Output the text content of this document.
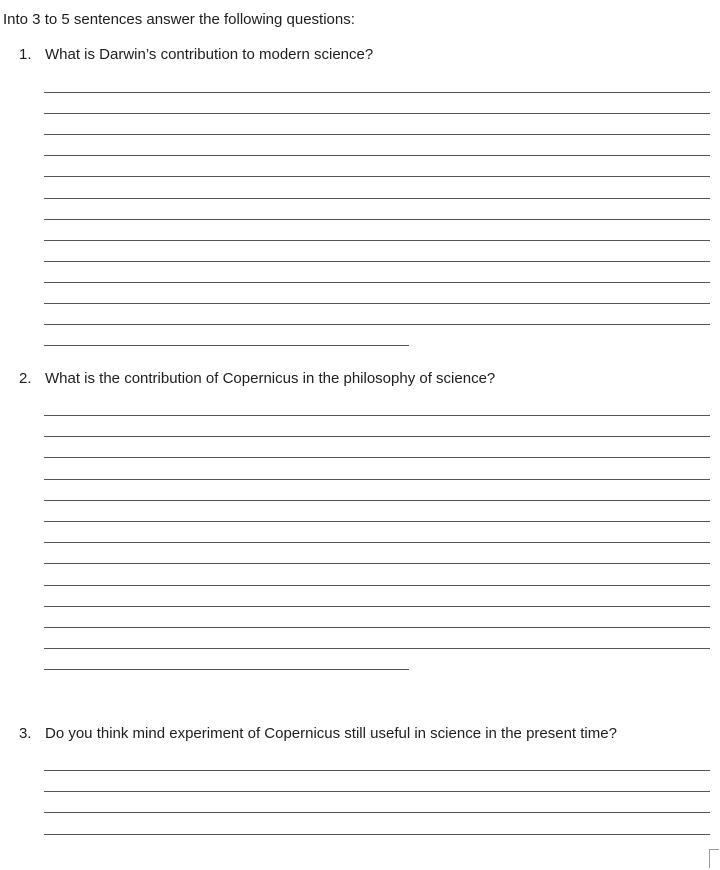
Into 3 to 5 sentences answer the following questions:
1. What is Darwin’s contribution to modern science?
2. What is the contribution of Copernicus in the philosophy of science?
3. Do you think mind experiment of Copernicus still useful in science in the present time?
